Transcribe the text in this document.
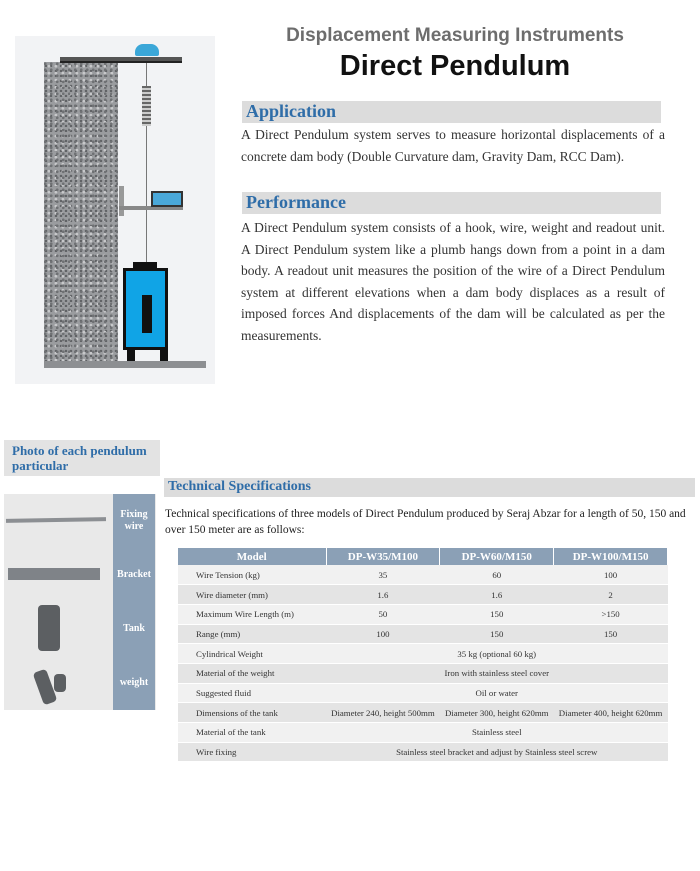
Displacement Measuring Instruments
Direct Pendulum
Application
A Direct Pendulum system serves to measure horizontal displacements of a concrete dam body (Double Curvature dam, Gravity Dam, RCC Dam).
Performance
A Direct Pendulum system consists of a hook, wire, weight and readout unit. A Direct Pendulum system like a plumb hangs down from a point in a dam body. A readout unit measures the position of the wire of a Direct Pendulum system at different elevations when a dam body displaces as a result of imposed forces And displacements of the dam will be calculated as per the measurements.
Photo of each pendulum particular
Fixing wire
Bracket
Tank
weight
Technical Specifications
Technical specifications of three models of Direct Pendulum produced by Seraj Abzar for a length of 50, 150 and over 150 meter are as follows:
Model	DP-W35/M100	DP-W60/M150	DP-W100/M150
Wire Tension (kg)	35	60	100
Wire diameter (mm)	1.6	1.6	2
Maximum Wire Length (m)	50	150	>150
Range (mm)	100	150	150
Cylindrical Weight	35 kg (optional 60 kg)		
Material of the weight	Iron with stainless steel cover		
Suggested fluid	Oil or water		
Dimensions of the tank	Diameter 240, height 500mm	Diameter 300, height 620mm	Diameter 400, height 620mm
Material of the tank	Stainless steel		
Wire fixing	Stainless steel bracket and adjust by Stainless steel screw		
